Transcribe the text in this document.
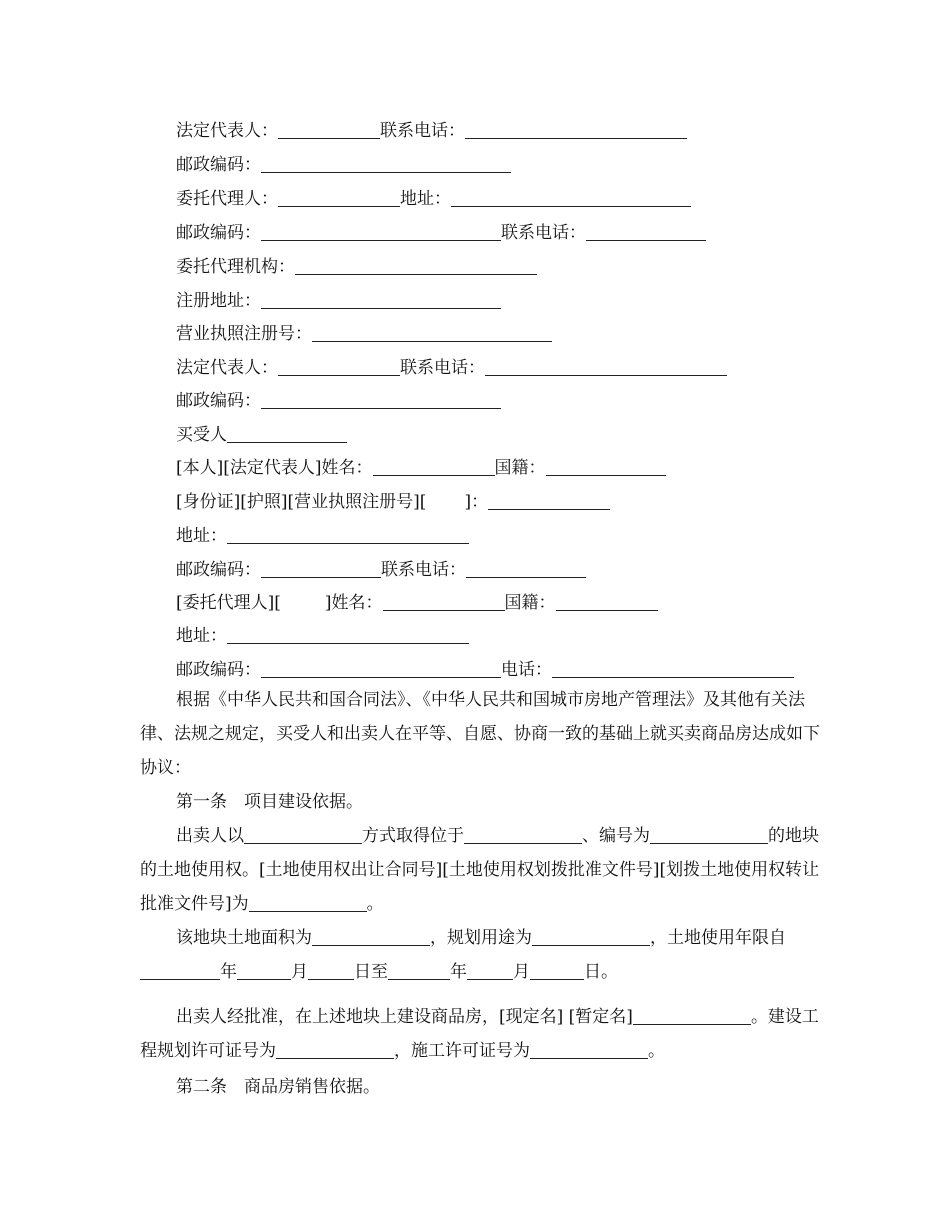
法定代表人：	联系电话：
邮政编码：
委托代理人：	地址：
邮政编码：	联系电话：
委托代理机构：
注册地址：
营业执照注册号：
法定代表人：	联系电话：
邮政编码：
买受人
[本人][法定代表人]姓名：	国籍：
[身份证][护照][营业执照注册号][ ]：
地址：
邮政编码：	联系电话：
[委托代理人][	]姓名：	国籍：
地址：
邮政编码：	电话：
根据《中华人民共和国合同法》、《中华人民共和国城市房地产管理法》及其他有关法律、法规之规定，买受人和出卖人在平等、自愿、协商一致的基础上就买卖商品房达成如下协议：
第一条　项目建设依据。
出卖人以	方式取得位于	、编号为	的地块的土地使用权。[土地使用权出让合同号][土地使用权划拨批准文件号][划拨土地使用权转让批准文件号]为	。
该地块土地面积为	，规划用途为	，土地使用年限自年	月	日至	年	月	日。
出卖人经批准，在上述地块上建设商品房，[现定名] [暂定名]	。建设工程规划许可证号为	，施工许可证号为	。
第二条　商品房销售依据。
